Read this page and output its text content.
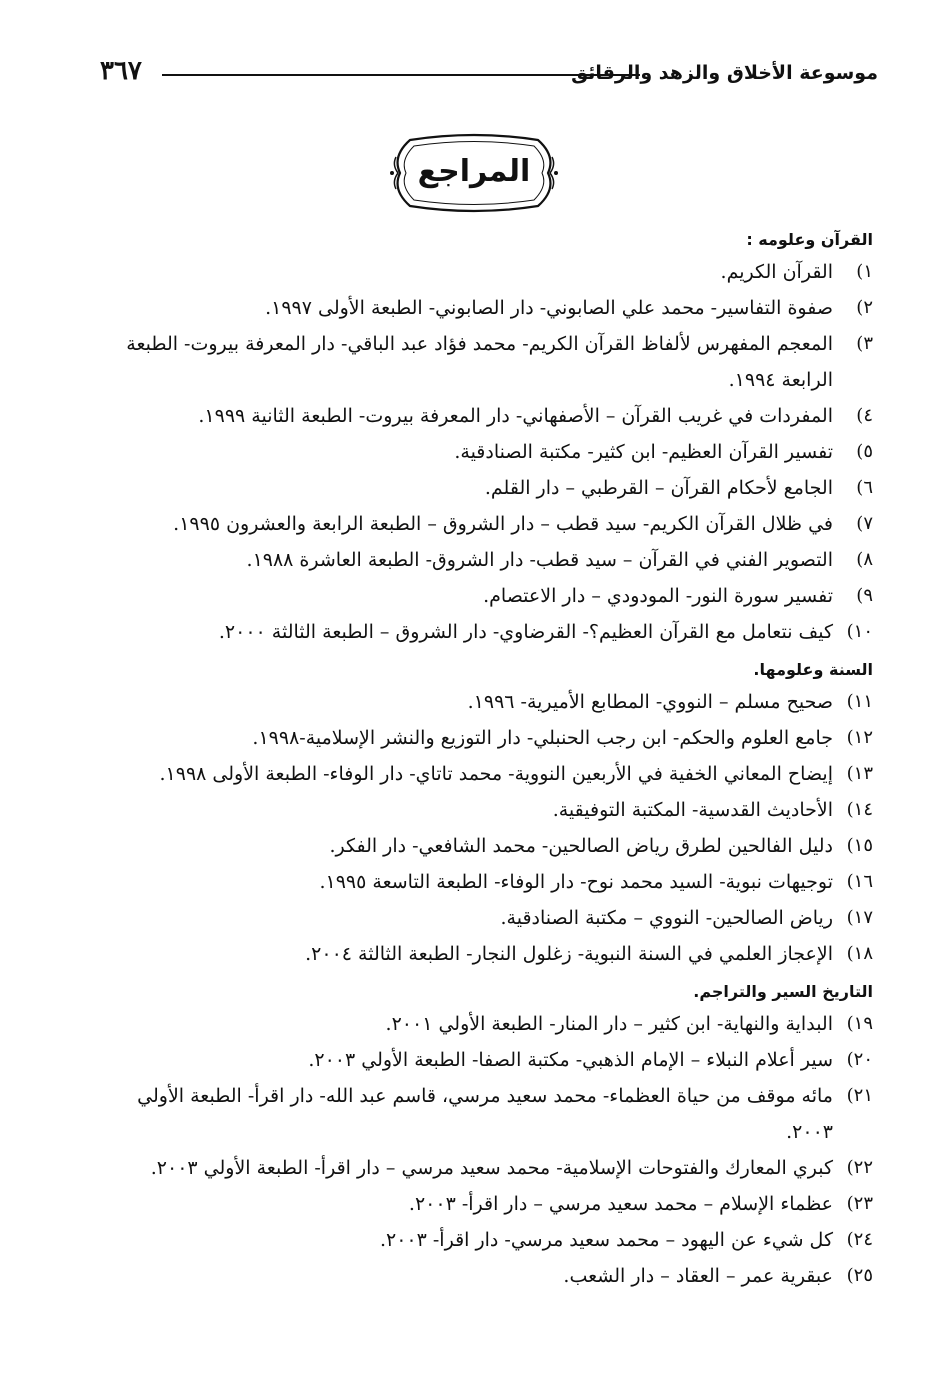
موسوعة الأخلاق والزهد والرقائق
٣٦٧
المراجع
القرآن وعلومه :
١)
القرآن الكريم.
٢)
صفوة التفاسير- محمد علي الصابوني- دار الصابوني- الطبعة الأولى ١٩٩٧.
٣)
المعجم المفهرس لألفاظ القرآن الكريم- محمد فؤاد عبد الباقي- دار المعرفة بيروت- الطبعة الرابعة ١٩٩٤.
٤)
المفردات في غريب القرآن – الأصفهاني- دار المعرفة بيروت- الطبعة الثانية ١٩٩٩.
٥)
تفسير القرآن العظيم- ابن كثير- مكتبة الصنادقية.
٦)
الجامع لأحكام القرآن – القرطبي – دار القلم.
٧)
في ظلال القرآن الكريم- سيد قطب – دار الشروق – الطبعة الرابعة والعشرون ١٩٩٥.
٨)
التصوير الفني في القرآن – سيد قطب- دار الشروق- الطبعة العاشرة ١٩٨٨.
٩)
تفسير سورة النور- المودودي – دار الاعتصام.
١٠)
كيف نتعامل مع القرآن العظيم؟- القرضاوي- دار الشروق – الطبعة الثالثة ٢٠٠٠.
السنة وعلومها.
١١)
صحيح مسلم – النووي- المطابع الأميرية- ١٩٩٦.
١٢)
جامع العلوم والحكم- ابن رجب الحنبلي- دار التوزيع والنشر الإسلامية-١٩٩٨.
١٣)
إيضاح المعاني الخفية في الأربعين النووية- محمد تاتاي- دار الوفاء- الطبعة الأولى ١٩٩٨.
١٤)
الأحاديث القدسية- المكتبة التوفيقية.
١٥)
دليل الفالحين لطرق رياض الصالحين- محمد الشافعي- دار الفكر.
١٦)
توجيهات نبوية- السيد محمد نوح- دار الوفاء- الطبعة التاسعة ١٩٩٥.
١٧)
رياض الصالحين- النووي – مكتبة الصنادقية.
١٨)
الإعجاز العلمي في السنة النبوية- زغلول النجار- الطبعة الثالثة ٢٠٠٤.
التاريخ السير والتراجم.
١٩)
البداية والنهاية- ابن كثير – دار المنار- الطبعة الأولي ٢٠٠١.
٢٠)
سير أعلام النبلاء – الإمام الذهبي- مكتبة الصفا- الطبعة الأولي ٢٠٠٣.
٢١)
مائه موقف من حياة العظماء- محمد سعيد مرسي، قاسم عبد الله- دار اقرأ- الطبعة الأولي ٢٠٠٣.
٢٢)
كبري المعارك والفتوحات الإسلامية- محمد سعيد مرسي – دار اقرأ- الطبعة الأولي ٢٠٠٣.
٢٣)
عظماء الإسلام – محمد سعيد مرسي – دار اقرأ- ٢٠٠٣.
٢٤)
كل شيء عن اليهود – محمد سعيد مرسي- دار اقرأ- ٢٠٠٣.
٢٥)
عبقرية عمر – العقاد – دار الشعب.
